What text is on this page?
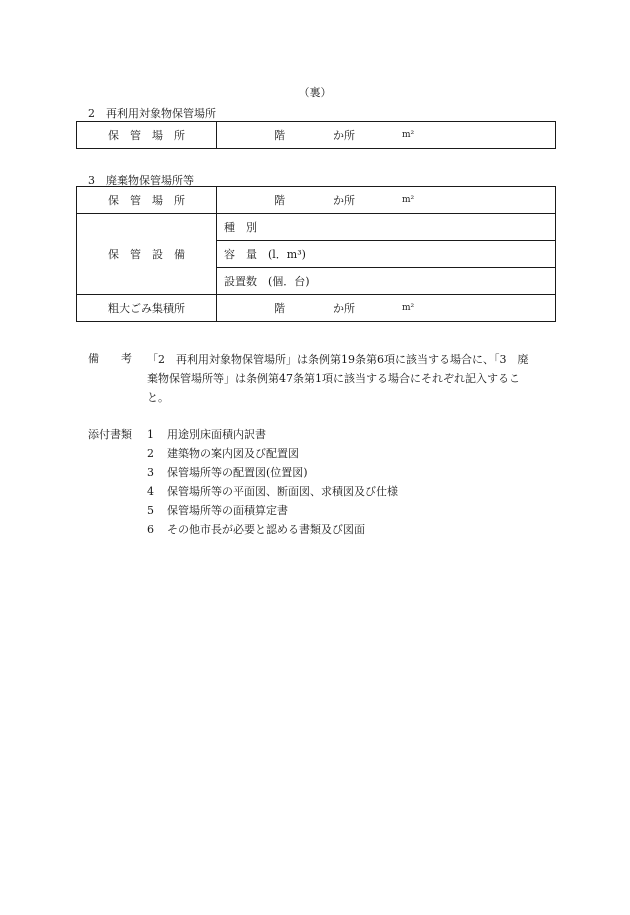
（裏）
2　再利用対象物保管場所
保　管　場　所	階	か所	m²
3　廃棄物保管場所等
保　管　場　所	階 か所 m²

保　管　設　備	種　別
	容　量　(l．m³)
	設置数　(個．台)
粗大ごみ集積所	階 か所 m²
備　　考 「2　再利用対象物保管場所」は条例第19条第6項に該当する場合に、「3　廃棄物保管場所等」は条例第47条第1項に該当する場合にそれぞれ記入すること。
添付書類 1 用途別床面積内訳書
2 建築物の案内図及び配置図
3 保管場所等の配置図(位置図)
4 保管場所等の平面図、断面図、求積図及び仕様
5 保管場所等の面積算定書
6 その他市長が必要と認める書類及び図面
